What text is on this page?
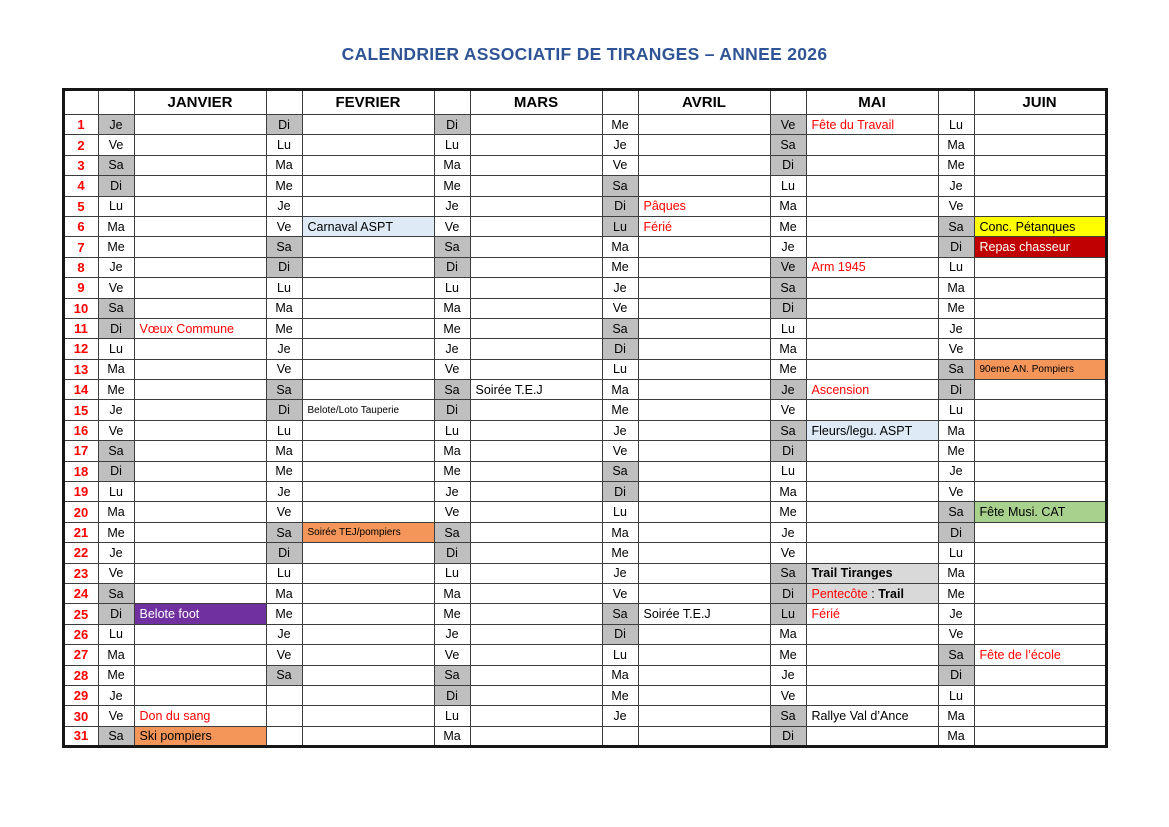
CALENDRIER ASSOCIATIF DE TIRANGES – ANNEE 2026
		JANVIER		FEVRIER		MARS		AVRIL		MAI		JUIN
1	Je		Di		Di		Me		Ve	Fête du Travail	Lu	
2	Ve		Lu		Lu		Je		Sa		Ma	
3	Sa		Ma		Ma		Ve		Di		Me	
4	Di		Me		Me		Sa		Lu		Je	
5	Lu		Je		Je		Di	Pâques	Ma		Ve	
6	Ma		Ve	Carnaval ASPT	Ve		Lu	Férié	Me		Sa	Conc. Pétanques
7	Me		Sa		Sa		Ma		Je		Di	Repas chasseur
8	Je		Di		Di		Me		Ve	Arm 1945	Lu	
9	Ve		Lu		Lu		Je		Sa		Ma	
10	Sa		Ma		Ma		Ve		Di		Me	
11	Di	Vœux Commune	Me		Me		Sa		Lu		Je	
12	Lu		Je		Je		Di		Ma		Ve	
13	Ma		Ve		Ve		Lu		Me		Sa	90eme AN. Pompiers
14	Me		Sa		Sa	Soirée T.E.J	Ma		Je	Ascension	Di	
15	Je		Di	Belote/Loto Tauperie	Di		Me		Ve		Lu	
16	Ve		Lu		Lu		Je		Sa	Fleurs/legu. ASPT	Ma	
17	Sa		Ma		Ma		Ve		Di		Me	
18	Di		Me		Me		Sa		Lu		Je	
19	Lu		Je		Je		Di		Ma		Ve	
20	Ma		Ve		Ve		Lu		Me		Sa	Fête Musi. CAT
21	Me		Sa	Soirée TEJ/pompiers	Sa		Ma		Je		Di	
22	Je		Di		Di		Me		Ve		Lu	
23	Ve		Lu		Lu		Je		Sa	Trail Tiranges	Ma	
24	Sa		Ma		Ma		Ve		Di	Pentecôte : Trail	Me	
25	Di	Belote foot	Me		Me		Sa	Soirée T.E.J	Lu	Férié	Je	
26	Lu		Je		Je		Di		Ma		Ve	
27	Ma		Ve		Ve		Lu		Me		Sa	Fête de l’école
28	Me		Sa		Sa		Ma		Je		Di	
29	Je				Di		Me		Ve		Lu	
30	Ve	Don du sang			Lu		Je		Sa	Rallye Val d’Ance	Ma	
31	Sa	Ski pompiers			Ma				Di		Ma	
